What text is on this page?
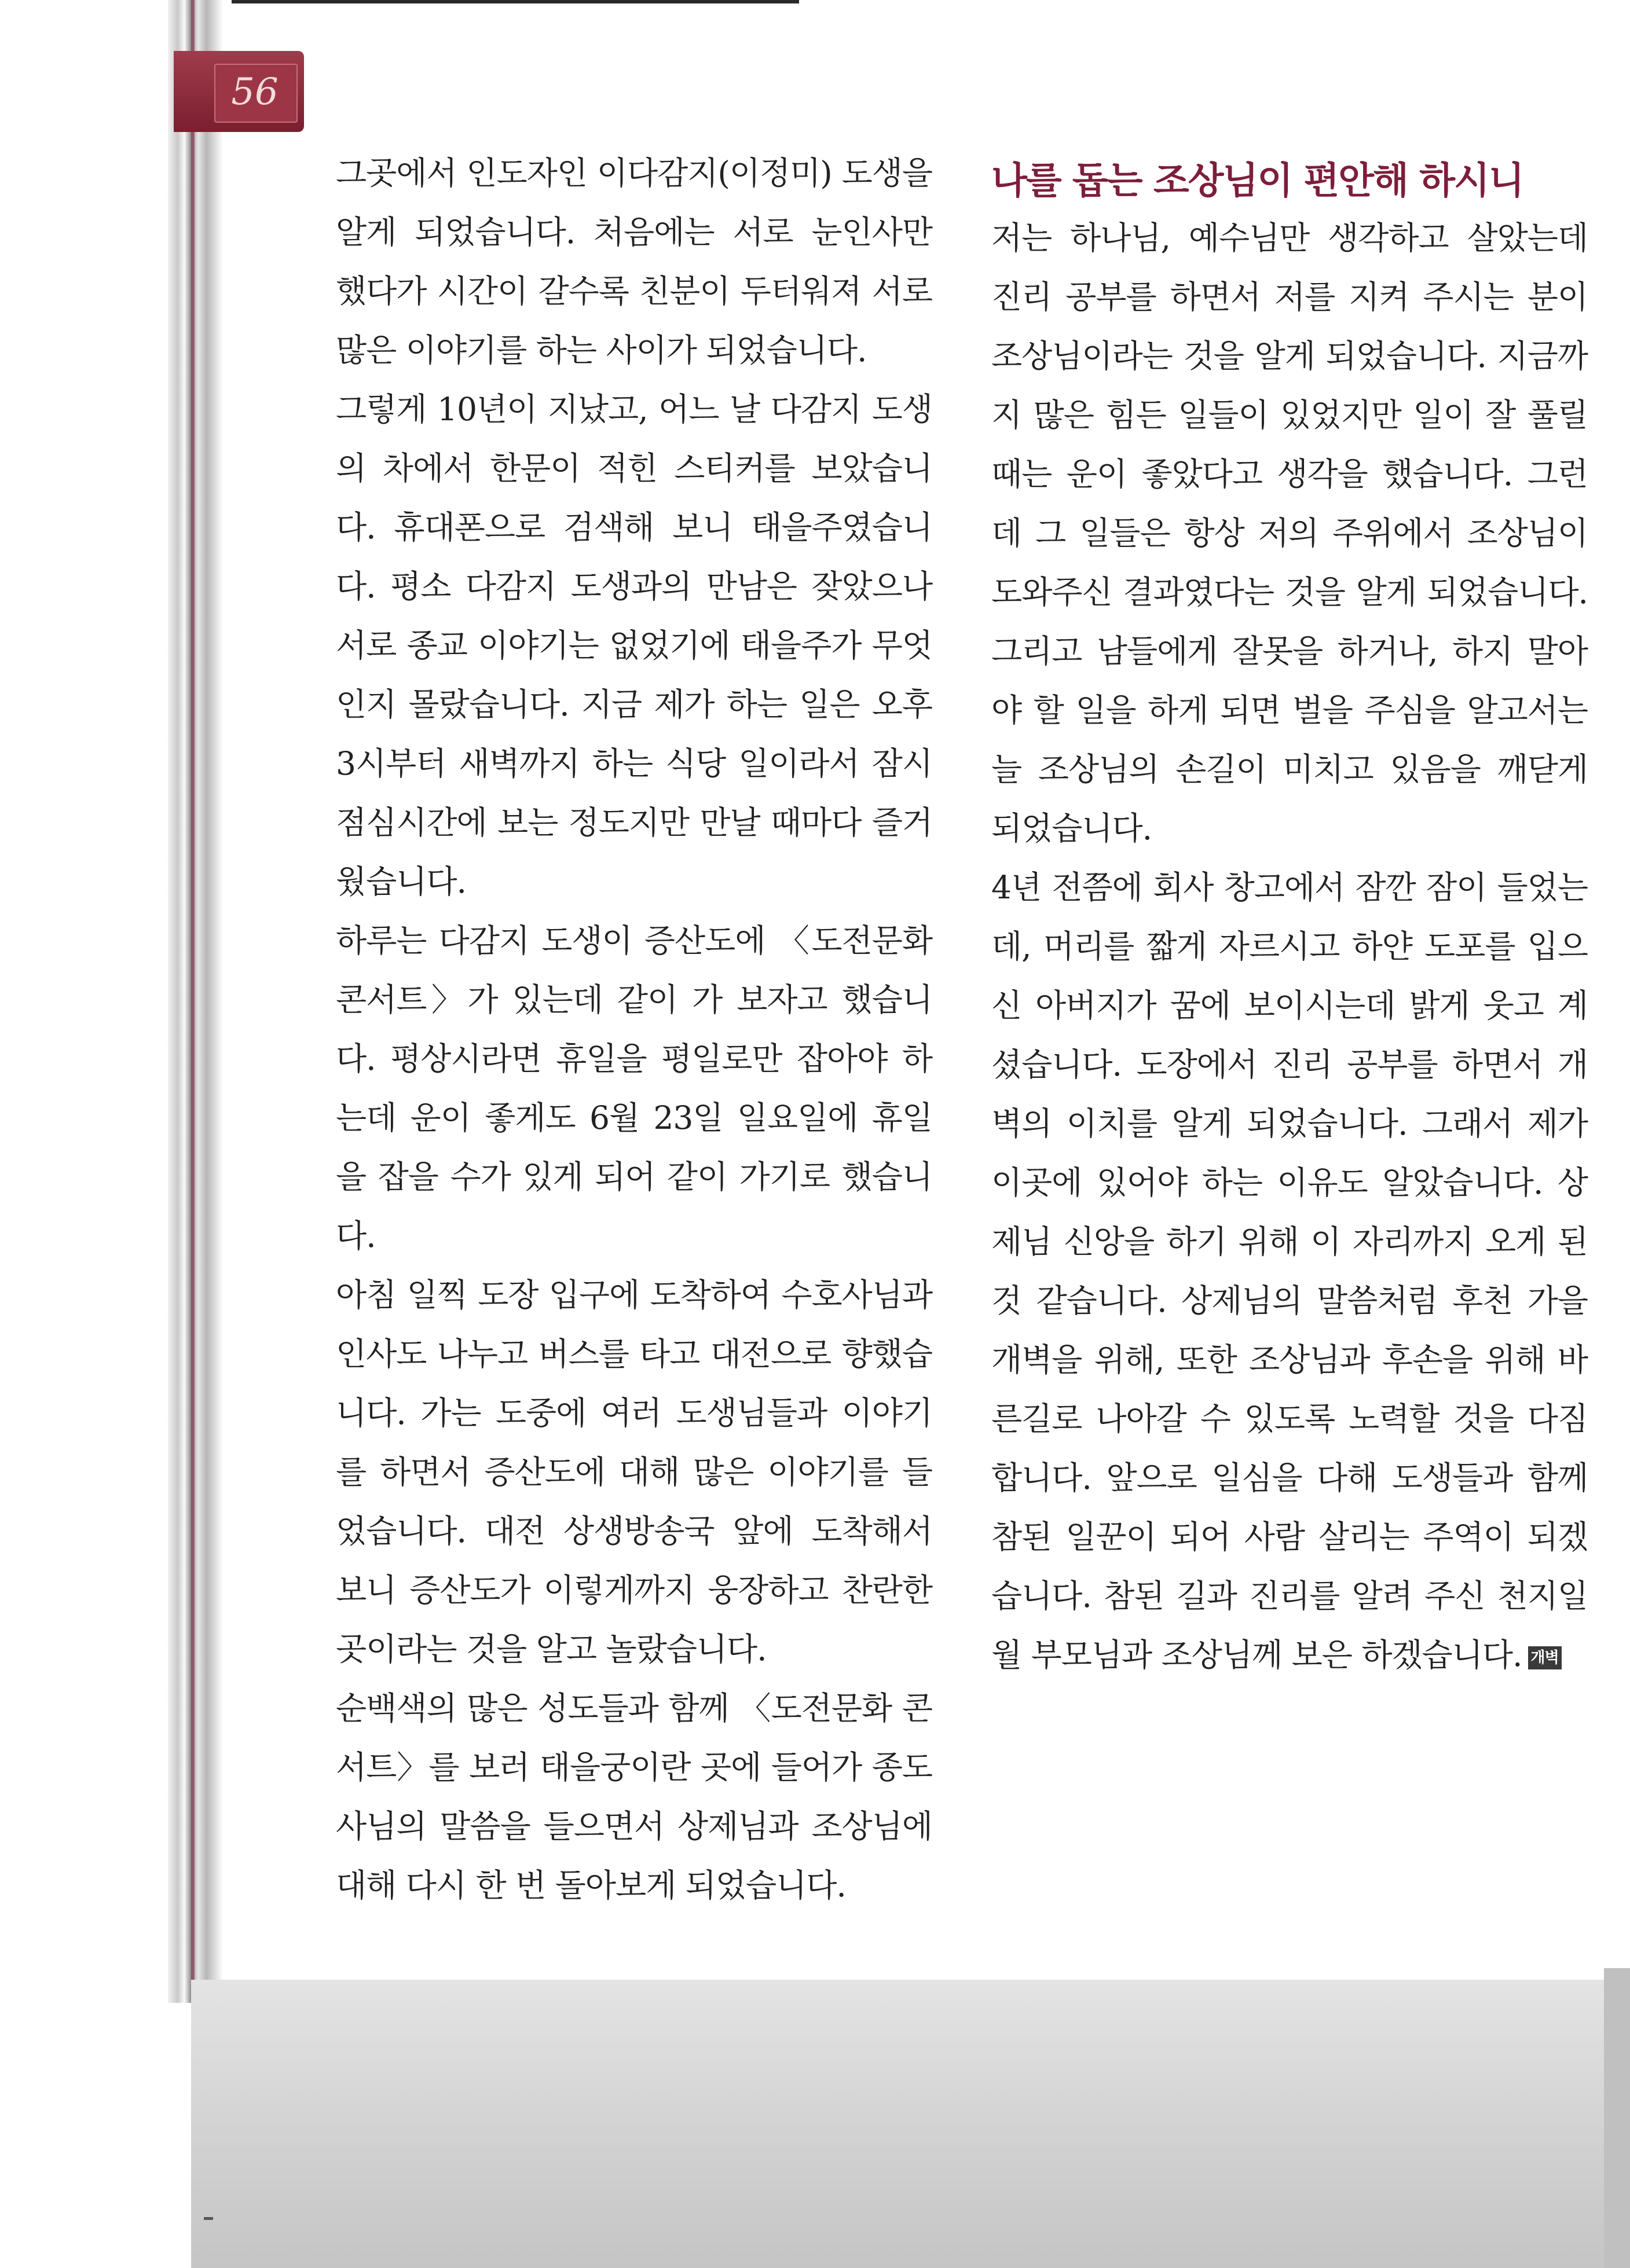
56

그곳에서 인도자인 이다감지(이정미) 도생을 알게 되었습니다. 처음에는 서로 눈인사만 했다가 시간이 갈수록 친분이 두터워져 서로 많은 이야기를 하는 사이가 되었습니다.

그렇게 10년이 지났고, 어느 날 다감지 도생의 차에서 한문이 적힌 스티커를 보았습니다. 휴대폰으로 검색해 보니 태을주였습니다. 평소 다감지 도생과의 만남은 잦았으나 서로 종교 이야기는 없었기에 태을주가 무엇인지 몰랐습니다. 지금 제가 하는 일은 오후 3시부터 새벽까지 하는 식당 일이라서 잠시 점심시간에 보는 정도지만 만날 때마다 즐거웠습니다.

하루는 다감지 도생이 증산도에 〈도전문화 콘서트〉가 있는데 같이 가 보자고 했습니다. 평상시라면 휴일을 평일로만 잡아야 하는데 운이 좋게도 6월 23일 일요일에 휴일을 잡을 수가 있게 되어 같이 가기로 했습니다.

아침 일찍 도장 입구에 도착하여 수호사님과 인사도 나누고 버스를 타고 대전으로 향했습니다. 가는 도중에 여러 도생님들과 이야기를 하면서 증산도에 대해 많은 이야기를 들었습니다. 대전 상생방송국 앞에 도착해서 보니 증산도가 이렇게까지 웅장하고 찬란한 곳이라는 것을 알고 놀랐습니다.

순백색의 많은 성도들과 함께 〈도전문화 콘서트〉를 보러 태을궁이란 곳에 들어가 종도사님의 말씀을 들으면서 상제님과 조상님에 대해 다시 한 번 돌아보게 되었습니다.

나를 돕는 조상님이 편안해 하시니

저는 하나님, 예수님만 생각하고 살았는데 진리 공부를 하면서 저를 지켜 주시는 분이 조상님이라는 것을 알게 되었습니다. 지금까지 많은 힘든 일들이 있었지만 일이 잘 풀릴 때는 운이 좋았다고 생각을 했습니다. 그런데 그 일들은 항상 저의 주위에서 조상님이 도와주신 결과였다는 것을 알게 되었습니다. 그리고 남들에게 잘못을 하거나, 하지 말아야 할 일을 하게 되면 벌을 주심을 알고서는 늘 조상님의 손길이 미치고 있음을 깨닫게 되었습니다.

4년 전쯤에 회사 창고에서 잠깐 잠이 들었는데, 머리를 짧게 자르시고 하얀 도포를 입으신 아버지가 꿈에 보이시는데 밝게 웃고 계셨습니다. 도장에서 진리 공부를 하면서 개벽의 이치를 알게 되었습니다. 그래서 제가 이곳에 있어야 하는 이유도 알았습니다. 상제님 신앙을 하기 위해 이 자리까지 오게 된 것 같습니다. 상제님의 말씀처럼 후천 가을개벽을 위해, 또한 조상님과 후손을 위해 바른길로 나아갈 수 있도록 노력할 것을 다짐합니다. 앞으로 일심을 다해 도생들과 함께 참된 일꾼이 되어 사람 살리는 주역이 되겠습니다. 참된 길과 진리를 알려 주신 천지일월 부모님과 조상님께 보은 하겠습니다. 개벽
